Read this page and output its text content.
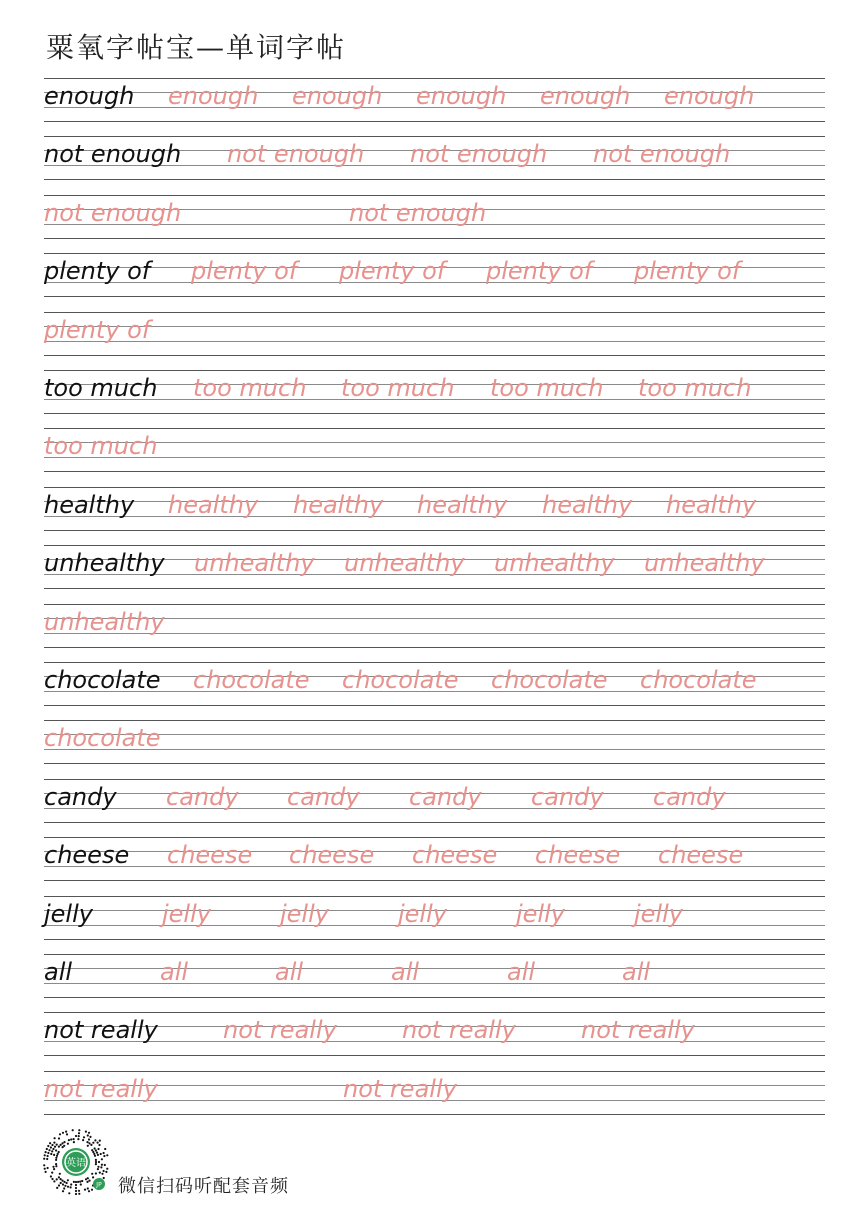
粟氧字帖宝—单词字帖
enough enough enough enough enough enough
not enough not enough not enough not enough
not enough	not enough
plenty of plenty of plenty of plenty of plenty of
plenty of
too much too much too much too much too much
too much
healthy healthy healthy healthy healthy healthy
unhealthy unhealthy unhealthy unhealthy unhealthy
unhealthy
chocolate chocolate chocolate chocolate chocolate
chocolate
candy candy candy candy candy candy
cheese cheese cheese cheese cheese cheese
jelly	jelly	jelly	jelly	jelly	jelly
all	all	all	all	all	all
not really	not really	not really	not really
not really	not really
英语
JP 微信扫码听配套音频
